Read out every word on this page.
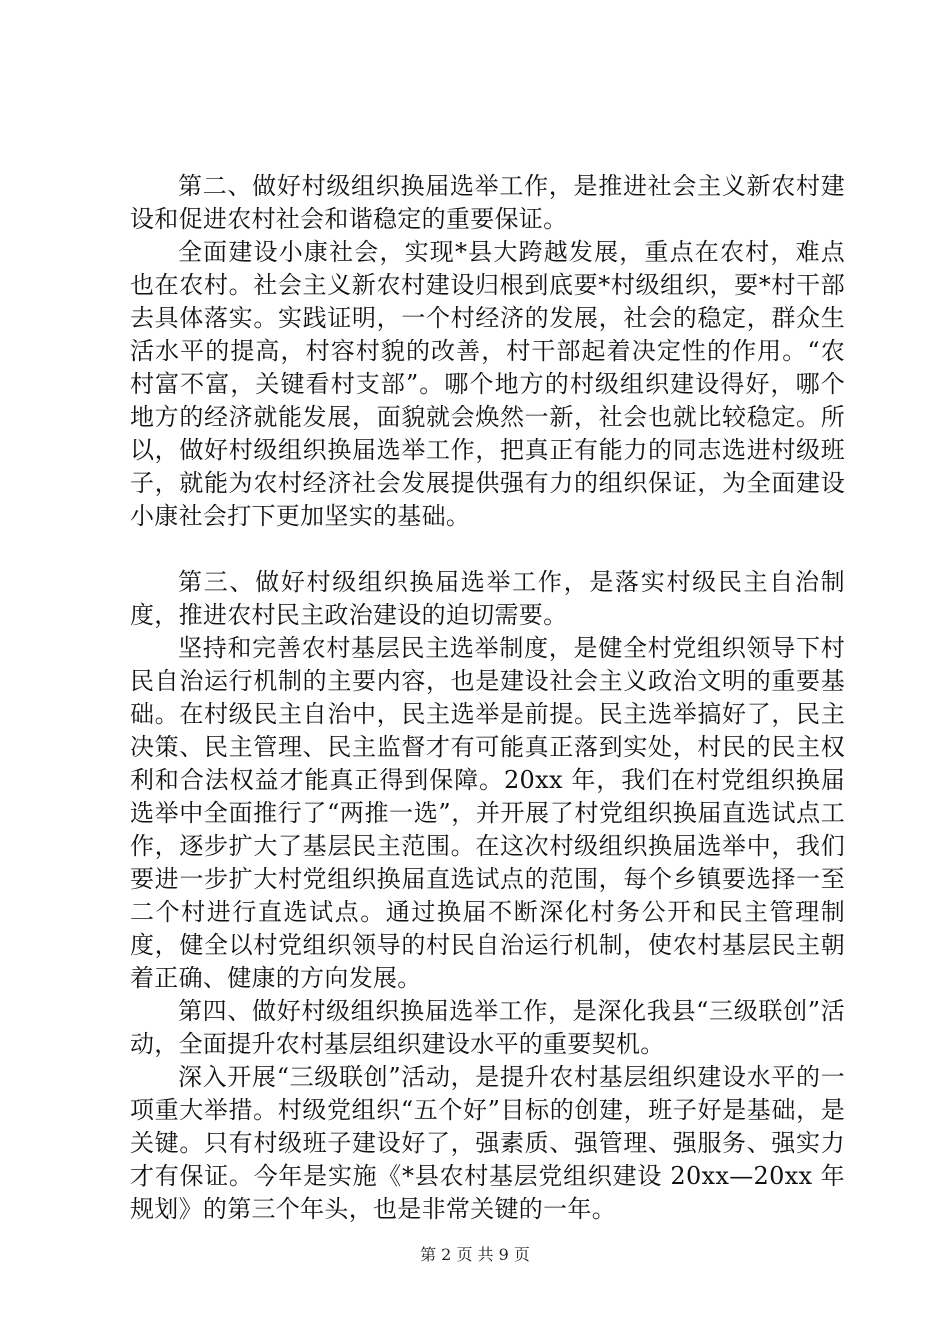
第二、做好村级组织换届选举工作，是推进社会主义新农村建设和促进农村社会和谐稳定的重要保证。

全面建设小康社会，实现*县大跨越发展，重点在农村，难点也在农村。社会主义新农村建设归根到底要*村级组织，要*村干部去具体落实。实践证明，一个村经济的发展，社会的稳定，群众生活水平的提高，村容村貌的改善，村干部起着决定性的作用。“农村富不富，关键看村支部”。哪个地方的村级组织建设得好，哪个地方的经济就能发展，面貌就会焕然一新，社会也就比较稳定。所以，做好村级组织换届选举工作，把真正有能力的同志选进村级班子，就能为农村经济社会发展提供强有力的组织保证，为全面建设小康社会打下更加坚实的基础。

第三、做好村级组织换届选举工作，是落实村级民主自治制度，推进农村民主政治建设的迫切需要。

坚持和完善农村基层民主选举制度，是健全村党组织领导下村民自治运行机制的主要内容，也是建设社会主义政治文明的重要基础。在村级民主自治中，民主选举是前提。民主选举搞好了，民主决策、民主管理、民主监督才有可能真正落到实处，村民的民主权利和合法权益才能真正得到保障。20xx 年，我们在村党组织换届选举中全面推行了“两推一选”，并开展了村党组织换届直选试点工作，逐步扩大了基层民主范围。在这次村级组织换届选举中，我们要进一步扩大村党组织换届直选试点的范围，每个乡镇要选择一至二个村进行直选试点。通过换届不断深化村务公开和民主管理制度，健全以村党组织领导的村民自治运行机制，使农村基层民主朝着正确、健康的方向发展。

第四、做好村级组织换届选举工作，是深化我县“三级联创”活动，全面提升农村基层组织建设水平的重要契机。

深入开展“三级联创”活动，是提升农村基层组织建设水平的一项重大举措。村级党组织“五个好”目标的创建，班子好是基础，是关键。只有村级班子建设好了，强素质、强管理、强服务、强实力才有保证。今年是实施《*县农村基层党组织建设 20xx—20xx 年规划》的第三个年头，也是非常关键的一年。

第 2 页 共 9 页
